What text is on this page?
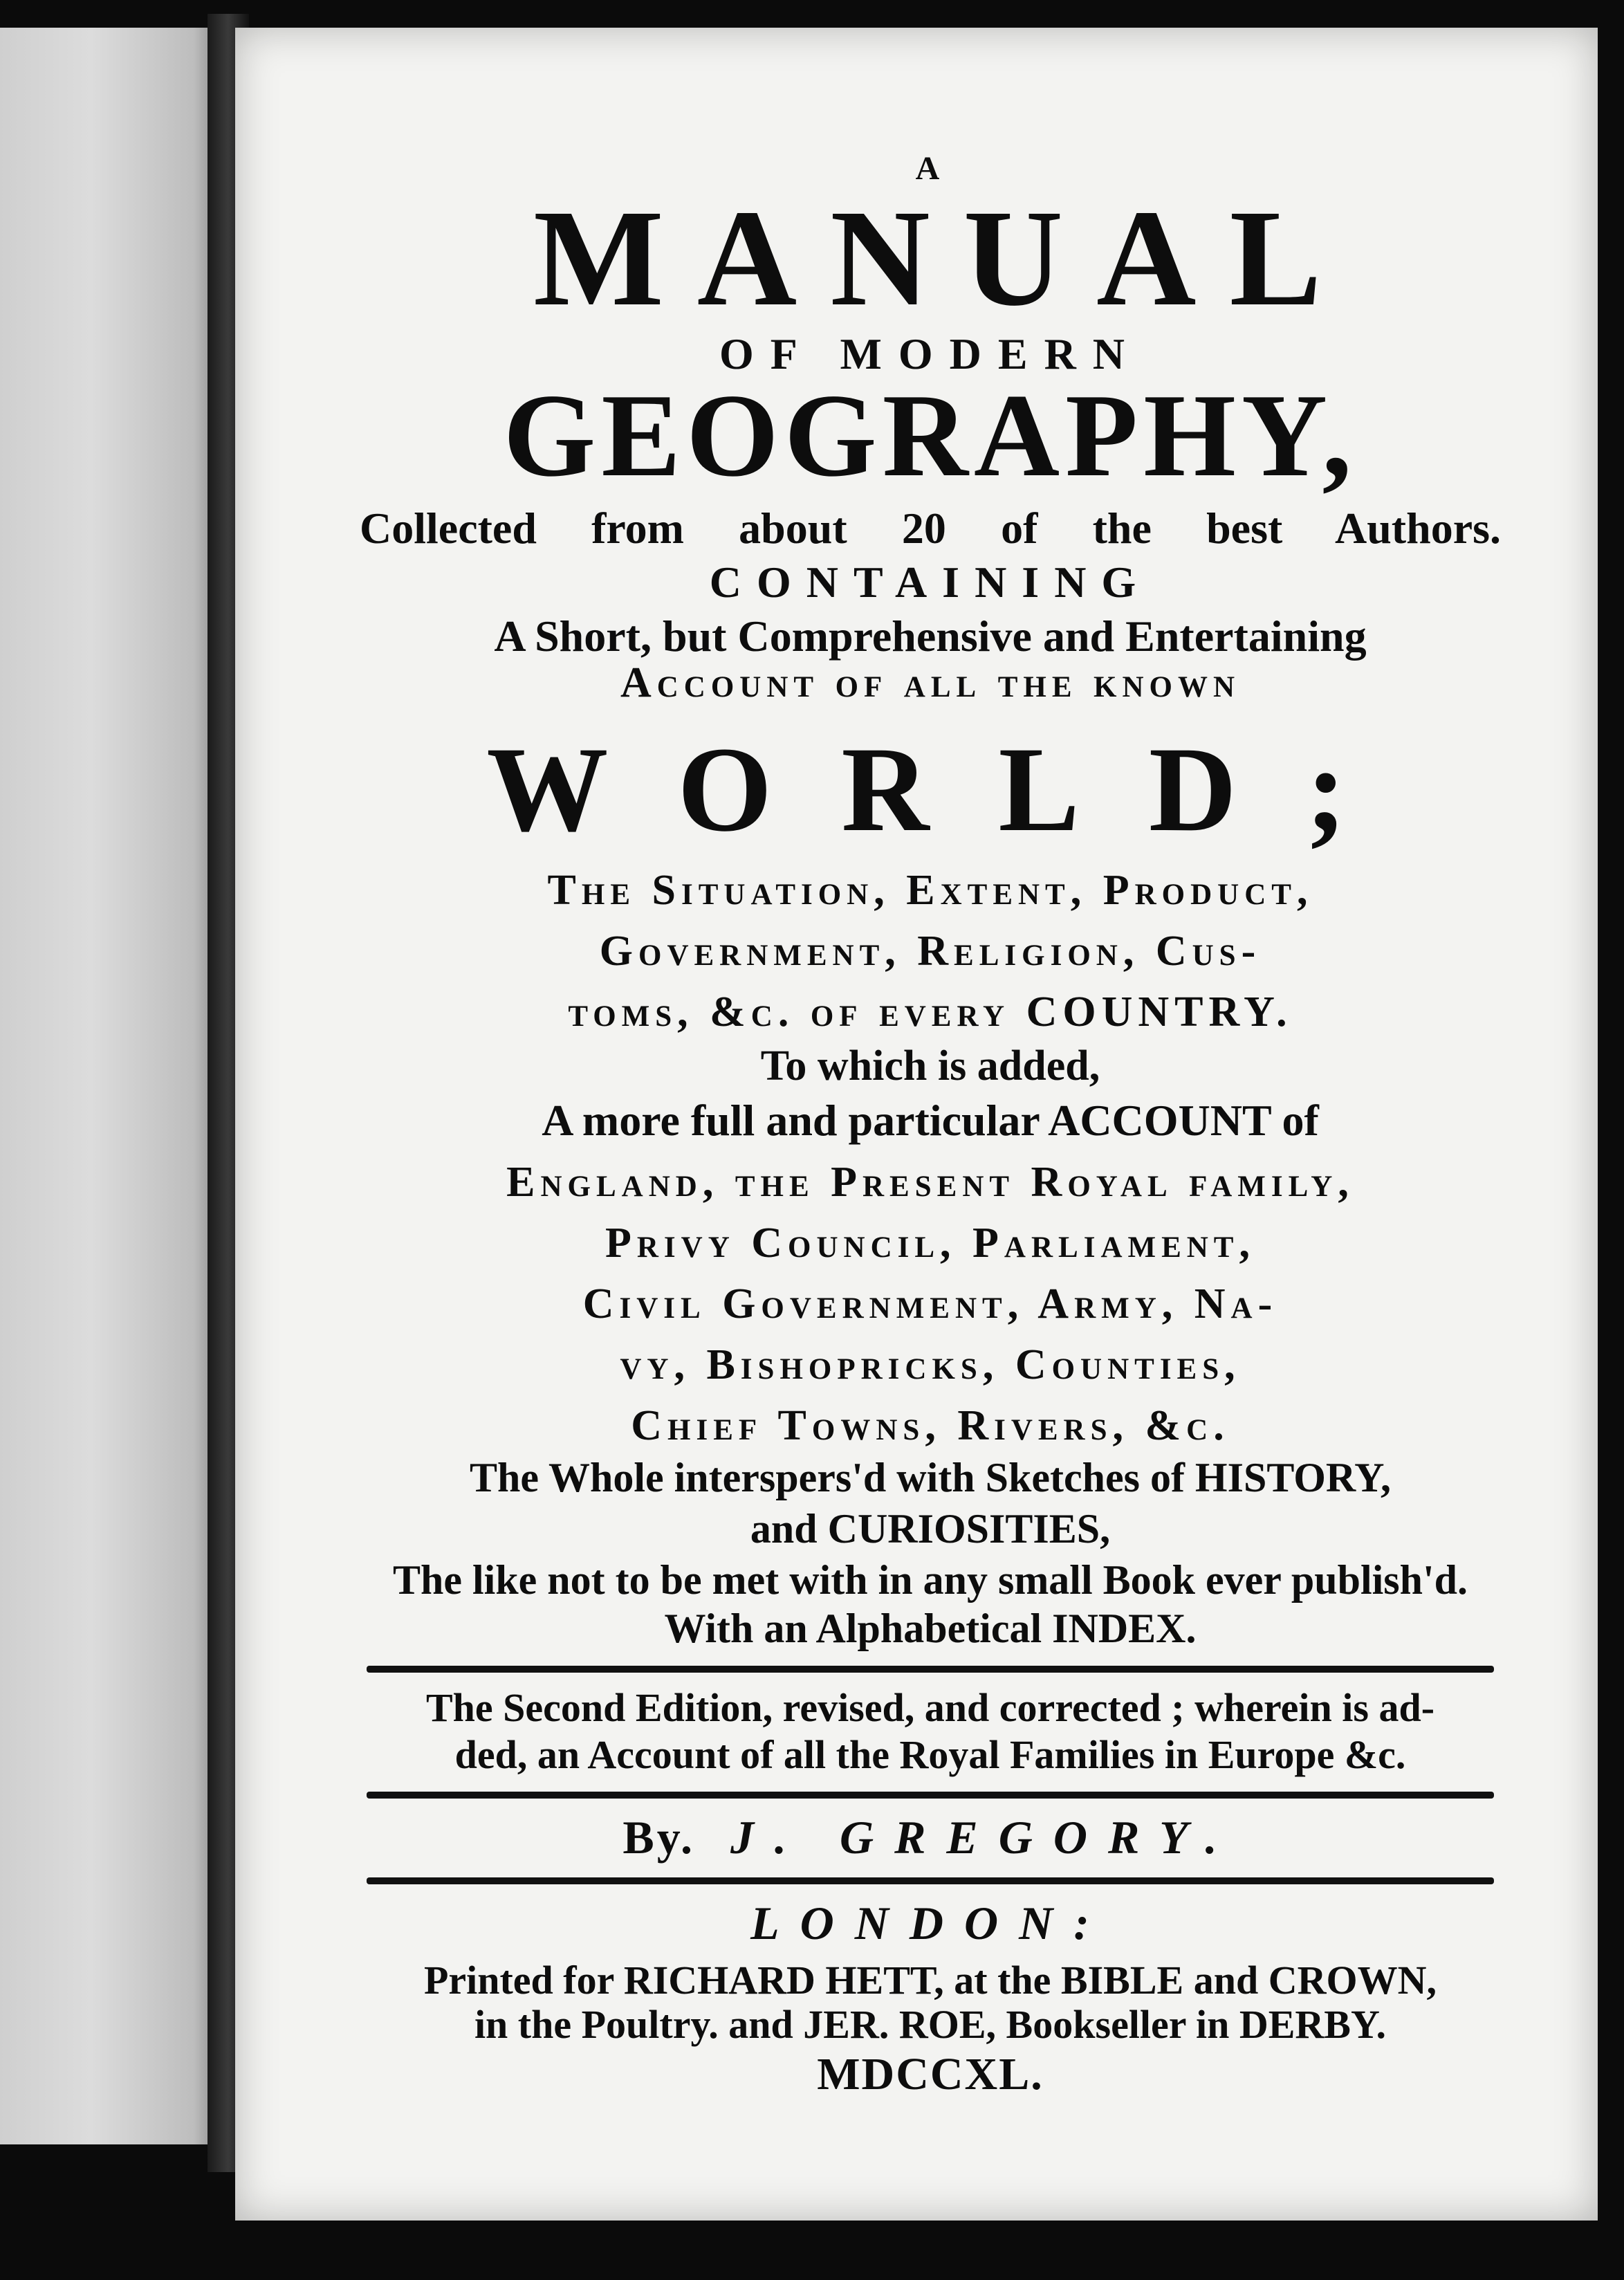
A
MANUAL
OF MODERN
GEOGRAPHY,
Collected from about 20 of the best Authors.
CONTAINING
A Short, but Comprehensive and Entertaining
Account of all the known
WORLD;
The Situation, Extent, Product,
Government, Religion, Cus-
toms, &c. of every COUNTRY.
To which is added,
A more full and particular ACCOUNT of
England, the Present Royal family,
Privy Council, Parliament,
Civil Government, Army, Na-
vy, Bishopricks, Counties,
Chief Towns, Rivers, &c.
The Whole interspers'd with Sketches of HISTORY,
and CURIOSITIES,
The like not to be met with in any small Book ever publish'd.
With an Alphabetical INDEX.
The Second Edition, revised, and corrected ; wherein is ad-
ded, an Account of all the Royal Families in Europe &c.
By. J. GREGORY.
LONDON:
Printed for RICHARD HETT, at the BIBLE and CROWN,
in the Poultry. and JER. ROE, Bookseller in DERBY.
MDCCXL.
